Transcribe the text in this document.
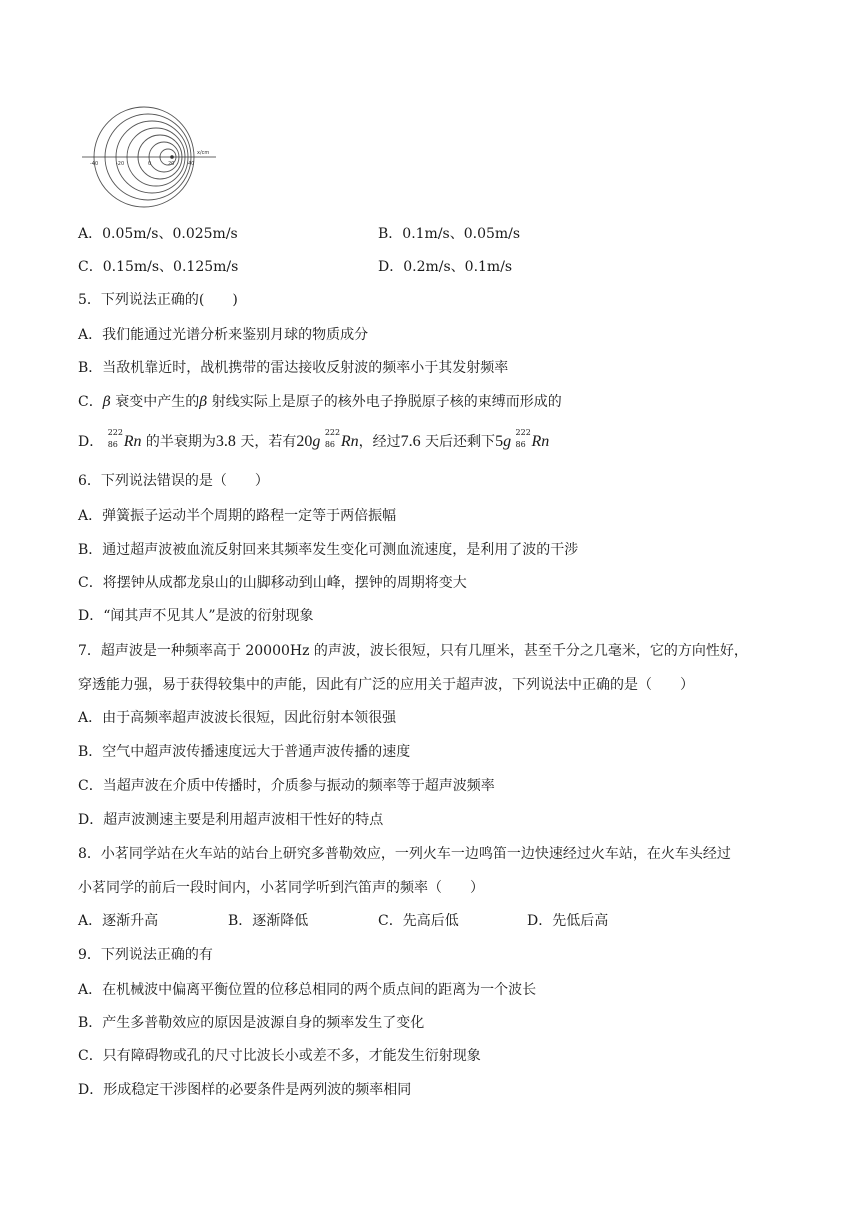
-40	-20	0	20	40
x/cm
A．0.05m/s、0.025m/s	B．0.1m/s、0.05m/s
C．0.15m/s、0.125m/s	D．0.2m/s、0.1m/s
5．下列说法正确的(　　)
A．我们能通过光谱分析来鉴别月球的物质成分
B．当敌机靠近时，战机携带的雷达接收反射波的频率小于其发射频率
C．β 衰变中产生的β 射线实际上是原子的核外电子挣脱原子核的束缚而形成的
D．
222
86 Rn 的半衰期为3.8 天，若有20g
222
86 Rn，经过7.6 天后还剩下5g
222
86 Rn
6．下列说法错误的是（　　）
A．弹簧振子运动半个周期的路程一定等于两倍振幅
B．通过超声波被血流反射回来其频率发生变化可测血流速度，是利用了波的干涉
C．将摆钟从成都龙泉山的山脚移动到山峰，摆钟的周期将变大
D．“闻其声不见其人”是波的衍射现象
7．超声波是一种频率高于 20000Hz 的声波，波长很短，只有几厘米，甚至千分之几毫米，它的方向性好，
穿透能力强，易于获得较集中的声能，因此有广泛的应用关于超声波，下列说法中正确的是（　　）
A．由于高频率超声波波长很短，因此衍射本领很强
B．空气中超声波传播速度远大于普通声波传播的速度
C．当超声波在介质中传播时，介质参与振动的频率等于超声波频率
D．超声波测速主要是利用超声波相干性好的特点
8．小茗同学站在火车站的站台上研究多普勒效应，一列火车一边鸣笛一边快速经过火车站，在火车头经过
小茗同学的前后一段时间内，小茗同学听到汽笛声的频率（　　）
A．逐渐升高	B．逐渐降低	C．先高后低	D．先低后高
9．下列说法正确的有
A．在机械波中偏离平衡位置的位移总相同的两个质点间的距离为一个波长
B．产生多普勒效应的原因是波源自身的频率发生了变化
C．只有障碍物或孔的尺寸比波长小或差不多，才能发生衍射现象
D．形成稳定干涉图样的必要条件是两列波的频率相同
